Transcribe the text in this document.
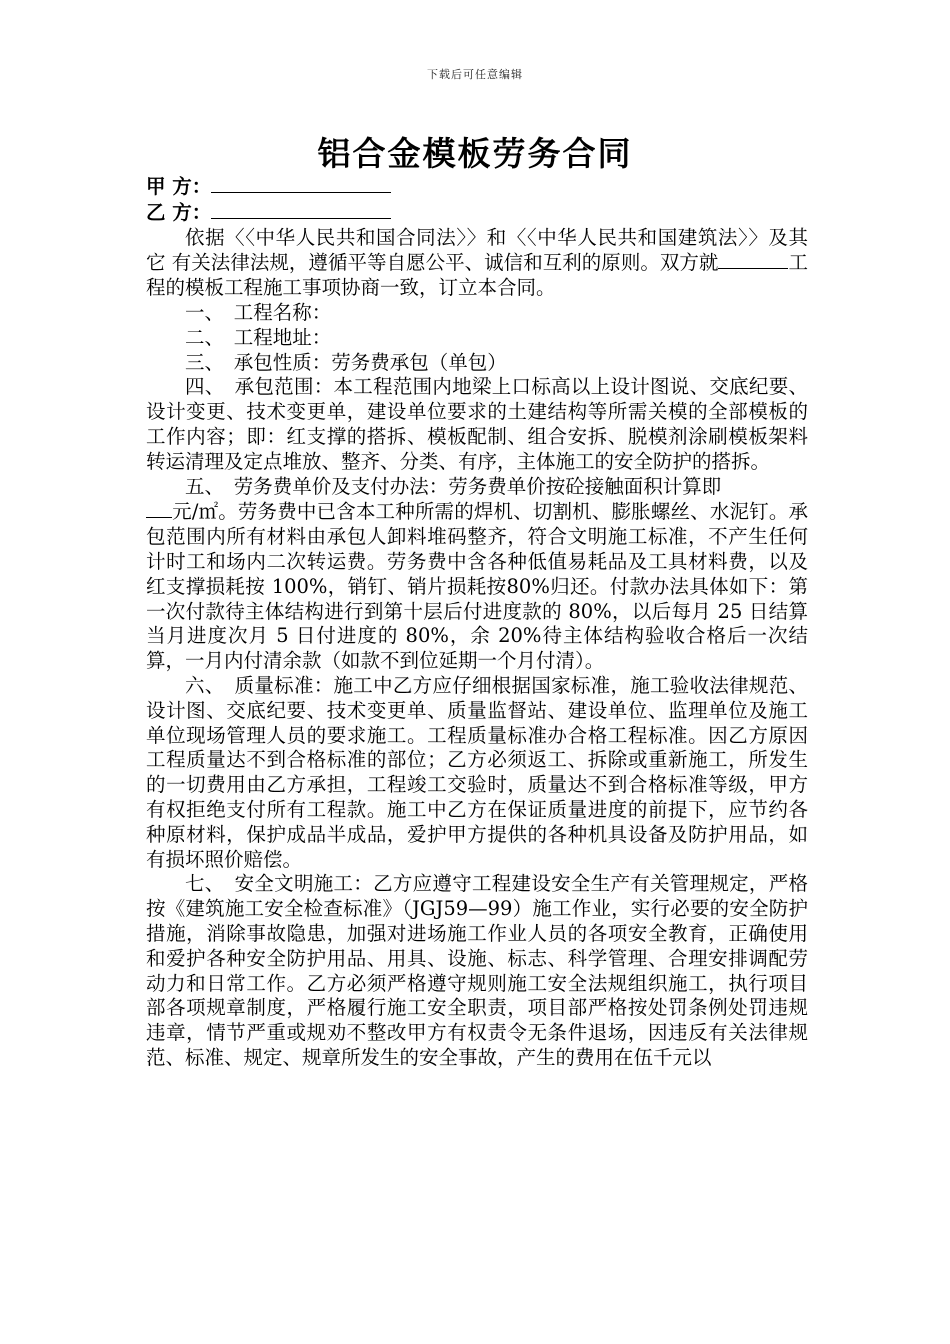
下载后可任意编辑
铝合金模板劳务合同
甲 方：
乙 方：

依据〈〈中华人民共和国合同法〉〉和〈〈中华人民共和国建筑法〉〉及其它 有关法律法规，遵循平等自愿公平、诚信和互利的原则。双方就	工程的模板工程施工事项协商一致，订立本合同。

一、　工程名称：

二、　工程地址：

三、　承包性质：劳务费承包（单包）

四、　承包范围：本工程范围内地梁上口标高以上设计图说、交底纪要、设计变更、技术变更单，建设单位要求的土建结构等所需关模的全部模板的工作内容；即：红支撑的搭拆、模板配制、组合安拆、脱模剂涂刷模板架料转运清理及定点堆放、整齐、分类、有序，主体施工的安全防护的搭拆。

五、　劳务费单价及支付办法：劳务费单价按砼接触面积计算即

元/㎡。劳务费中已含本工种所需的焊机、切割机、膨胀螺丝、水泥钉。承包范围内所有材料由承包人卸料堆码整齐，符合文明施工标准，不产生任何计时工和场内二次转运费。劳务费中含各种低值易耗品及工具材料费，以及红支撑损耗按 100%，销钉、销片损耗按80%归还。付款办法具体如下：第一次付款待主体结构进行到第十层后付进度款的 80%，以后每月 25 日结算当月进度次月 5 日付进度的 80%，余 20%待主体结构验收合格后一次结算，一月内付清余款（如款不到位延期一个月付清）。

六、　质量标准：施工中乙方应仔细根据国家标准，施工验收法律规范、设计图、交底纪要、技术变更单、质量监督站、建设单位、监理单位及施工单位现场管理人员的要求施工。工程质量标准办合格工程标准。因乙方原因工程质量达不到合格标准的部位；乙方必须返工、拆除或重新施工，所发生的一切费用由乙方承担，工程竣工交验时，质量达不到合格标准等级，甲方有权拒绝支付所有工程款。施工中乙方在保证质量进度的前提下，应节约各种原材料，保护成品半成品，爱护甲方提供的各种机具设备及防护用品，如有损坏照价赔偿。

七、　安全文明施工：乙方应遵守工程建设安全生产有关管理规定，严格按《建筑施工安全检查标准》（JGJ59—99）施工作业，实行必要的安全防护措施，消除事故隐患，加强对进场施工作业人员的各项安全教育，正确使用和爱护各种安全防护用品、用具、设施、标志、科学管理、合理安排调配劳动力和日常工作。乙方必须严格遵守规则施工安全法规组织施工，执行项目部各项规章制度，严格履行施工安全职责，项目部严格按处罚条例处罚违规违章，情节严重或规劝不整改甲方有权责令无条件退场，因违反有关法律规范、标准、规定、规章所发生的安全事故，产生的费用在伍千元以
